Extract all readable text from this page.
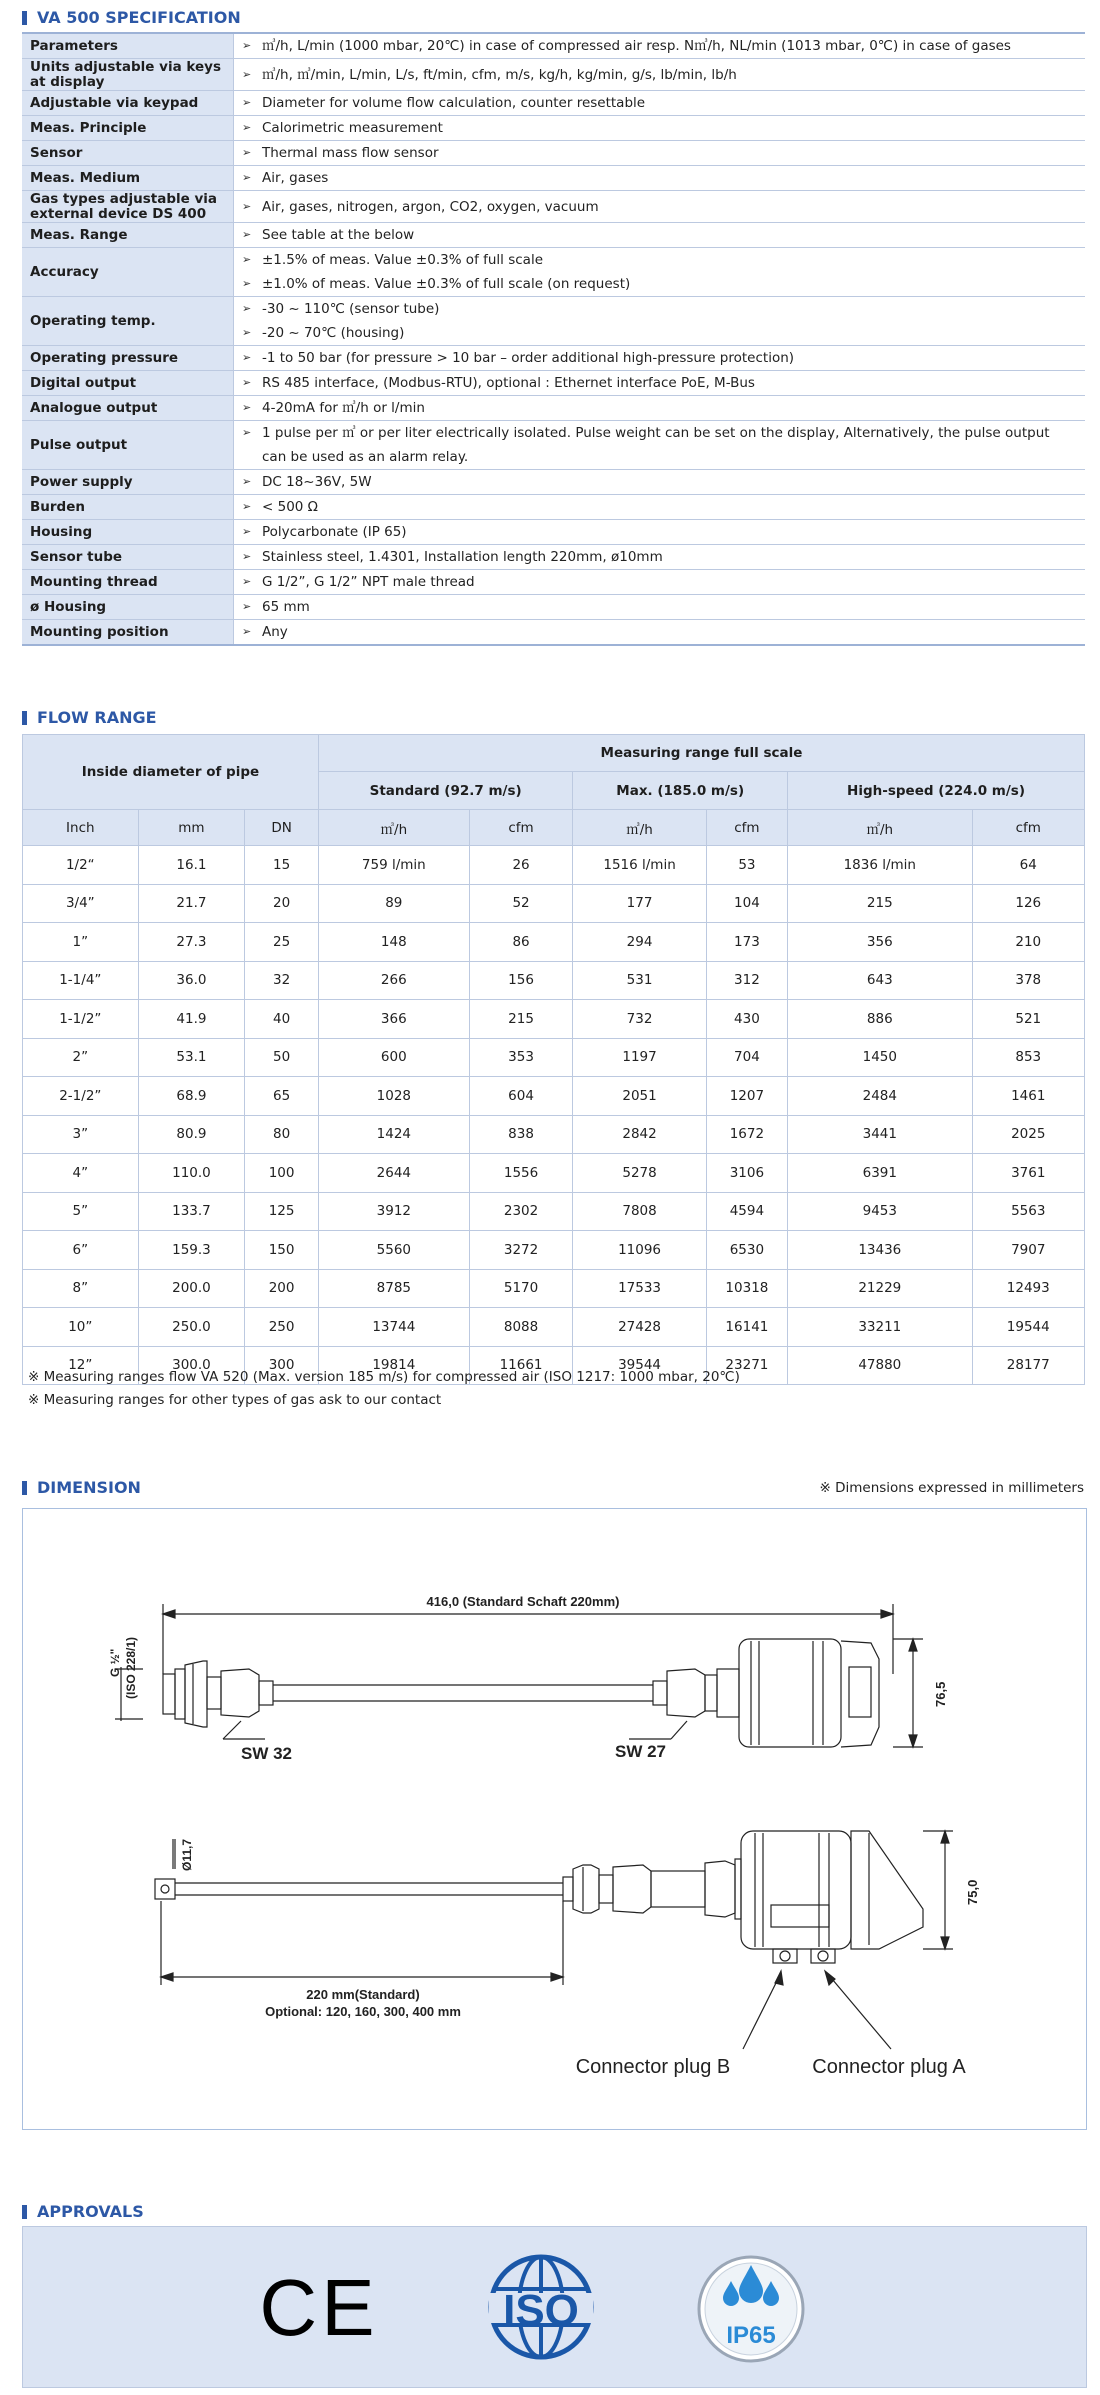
VA 500 SPECIFICATION
Parameters	➢ ㎥/h, L/min (1000 mbar, 20℃) in case of compressed air resp. N㎥/h, NL/min (1013 mbar, 0℃) in case of gases

Units adjustable via keys at display	➢ ㎥/h, ㎥/min, L/min, L/s, ft/min, cfm, m/s, kg/h, kg/min, g/s, lb/min, lb/h

Adjustable via keypad	➢ Diameter for volume flow calculation, counter resettable

Meas. Principle	➢ Calorimetric measurement

Sensor	➢ Thermal mass flow sensor

Meas. Medium	➢ Air, gases

Gas types adjustable via external device DS 400	➢ Air, gases, nitrogen, argon, CO2, oxygen, vacuum

Meas. Range	➢ See table at the below

Accuracy	➢ ±1.5% of meas. Value ±0.3% of full scale
➢ ±1.0% of meas. Value ±0.3% of full scale (on request)

Operating temp.	➢ -30 ~ 110℃ (sensor tube)
➢ -20 ~ 70℃ (housing)

Operating pressure	➢ -1 to 50 bar (for pressure > 10 bar – order additional high-pressure protection)

Digital output	➢ RS 485 interface, (Modbus-RTU), optional : Ethernet interface PoE, M-Bus

Analogue output	➢ 4-20mA for ㎥/h or l/min

Pulse output	➢ 1 pulse per ㎥ or per liter electrically isolated. Pulse weight can be set on the display, Alternatively, the pulse output can be used as an alarm relay.

Power supply	➢ DC 18~36V, 5W

Burden	➢ < 500 Ω

Housing	➢ Polycarbonate (IP 65)

Sensor tube	➢ Stainless steel, 1.4301, Installation length 220mm, ø10mm

Mounting thread	➢ G 1/2”, G 1/2” NPT male thread

ø Housing	➢ 65 mm

Mounting position	➢ Any
FLOW RANGE
Inside diameter of pipe			Measuring range full scale					
			Standard (92.7 m/s)		Max. (185.0 m/s)		High-speed (224.0 m/s)	
Inch	mm	DN	㎥/h	cfm	㎥/h	cfm	㎥/h	cfm
1/2“	16.1	15	759 l/min	26	1516 l/min	53	1836 l/min	64
3/4”	21.7	20	89	52	177	104	215	126
1”	27.3	25	148	86	294	173	356	210
1-1/4”	36.0	32	266	156	531	312	643	378
1-1/2”	41.9	40	366	215	732	430	886	521
2”	53.1	50	600	353	1197	704	1450	853
2-1/2”	68.9	65	1028	604	2051	1207	2484	1461
3”	80.9	80	1424	838	2842	1672	3441	2025
4”	110.0	100	2644	1556	5278	3106	6391	3761
5”	133.7	125	3912	2302	7808	4594	9453	5563
6”	159.3	150	5560	3272	11096	6530	13436	7907
8”	200.0	200	8785	5170	17533	10318	21229	12493
10”	250.0	250	13744	8088	27428	16141	33211	19544
12”	300.0	300	19814	11661	39544	23271	47880	28177
※ Measuring ranges flow VA 520 (Max. version 185 m/s) for compressed air (ISO 1217: 1000 mbar, 20℃)
※ Measuring ranges for other types of gas ask to our contact
DIMENSION	※ Dimensions expressed in millimeters
416,0 (Standard Schaft 220mm)
G ½" (ISO 228/1)
SW 32	SW 27
76,5
75,0
Ø11,7
220 mm(Standard)
Optional: 120, 160, 300, 400 mm
Connector plug B	Connector plug A
APPROVALS
CE	ISO
IP65
